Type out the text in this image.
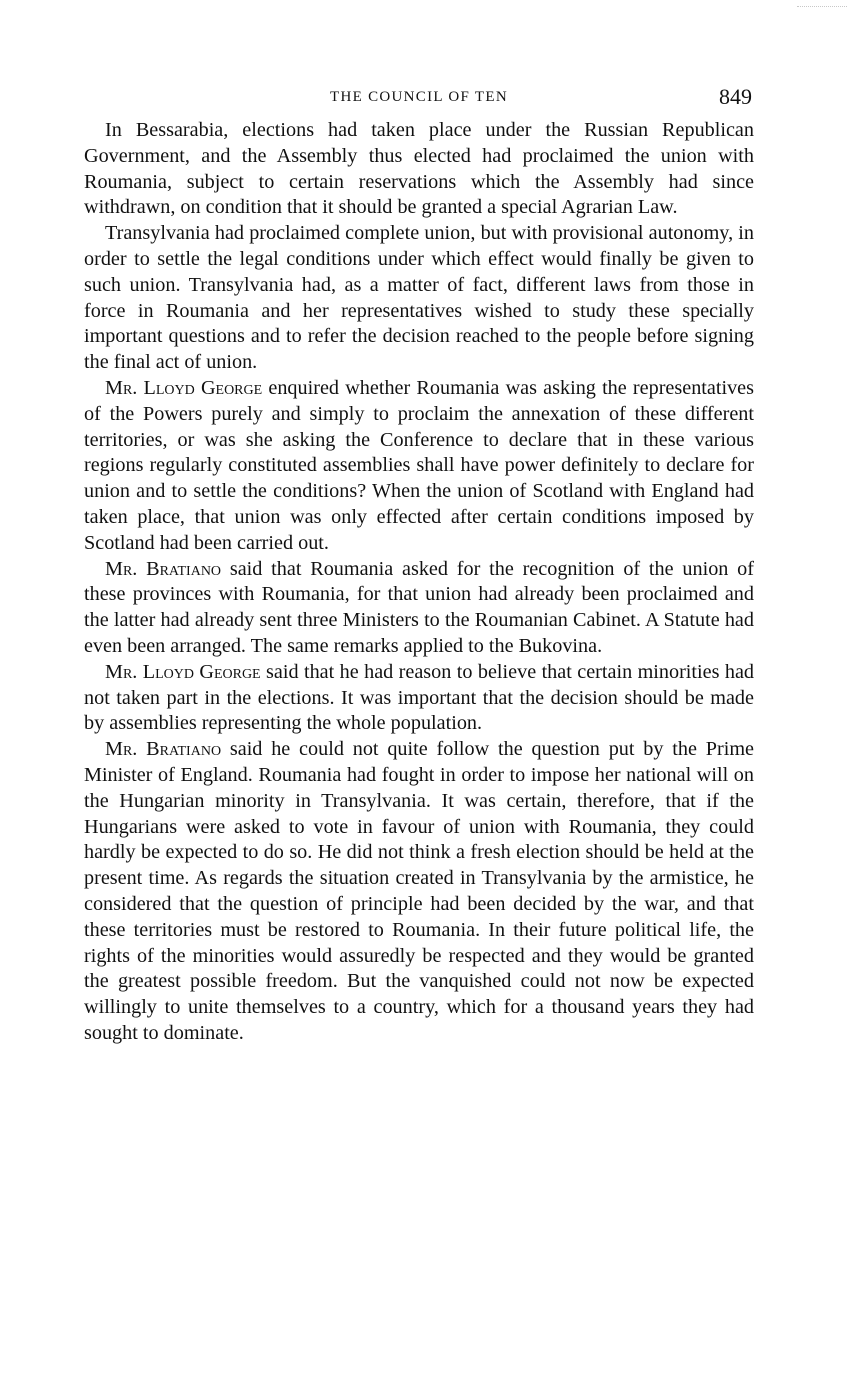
THE COUNCIL OF TEN	849

In Bessarabia, elections had taken place under the Russian Republican Government, and the Assembly thus elected had proclaimed the union with Roumania, subject to certain reservations which the Assembly had since withdrawn, on condition that it should be granted a special Agrarian Law.

Transylvania had proclaimed complete union, but with provisional autonomy, in order to settle the legal conditions under which effect would finally be given to such union. Transylvania had, as a matter of fact, different laws from those in force in Roumania and her representatives wished to study these specially important questions and to refer the decision reached to the people before signing the final act of union.

Mr. Lloyd George enquired whether Roumania was asking the representatives of the Powers purely and simply to proclaim the annexation of these different territories, or was she asking the Conference to declare that in these various regions regularly constituted assemblies shall have power definitely to declare for union and to settle the conditions? When the union of Scotland with England had taken place, that union was only effected after certain conditions imposed by Scotland had been carried out.

Mr. Bratiano said that Roumania asked for the recognition of the union of these provinces with Roumania, for that union had already been proclaimed and the latter had already sent three Ministers to the Roumanian Cabinet. A Statute had even been arranged. The same remarks applied to the Bukovina.

Mr. Lloyd George said that he had reason to believe that certain minorities had not taken part in the elections. It was important that the decision should be made by assemblies representing the whole population.

Mr. Bratiano said he could not quite follow the question put by the Prime Minister of England. Roumania had fought in order to impose her national will on the Hungarian minority in Transylvania. It was certain, therefore, that if the Hungarians were asked to vote in favour of union with Roumania, they could hardly be expected to do so. He did not think a fresh election should be held at the present time. As regards the situation created in Transylvania by the armistice, he considered that the question of principle had been decided by the war, and that these territories must be restored to Roumania. In their future political life, the rights of the minorities would assuredly be respected and they would be granted the greatest possible freedom. But the vanquished could not now be expected willingly to unite themselves to a country, which for a thousand years they had sought to dominate.
